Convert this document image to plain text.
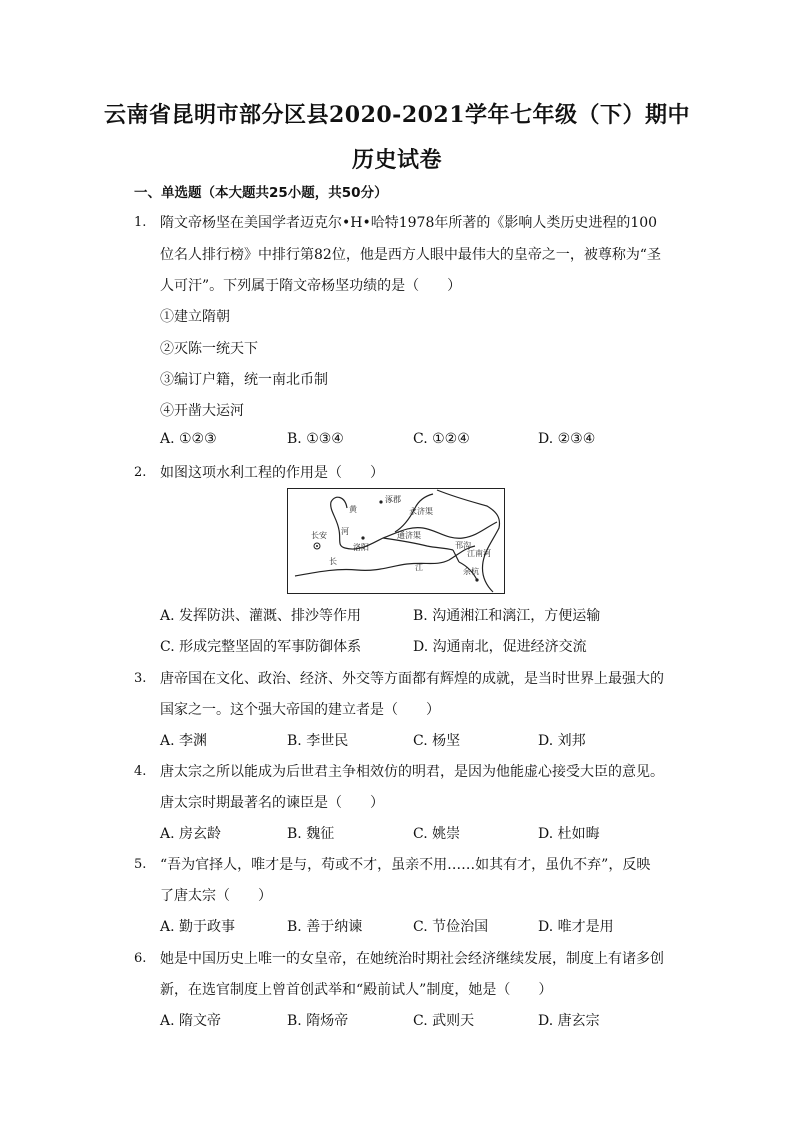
云南省昆明市部分区县2020-2021学年七年级（下）期中
历史试卷
一、单选题（本大题共25小题，共50分）
1. 隋文帝杨坚在美国学者迈克尔•H•哈特1978年所著的《影响人类历史进程的100
位名人排行榜》中排行第82位，他是西方人眼中最伟大的皇帝之一，被尊称为“圣
人可汗”。下列属于隋文帝杨坚功绩的是（　　）
①建立隋朝
②灭陈一统天下
③编订户籍，统一南北币制
④开凿大运河
A. ①②③	B. ①③④	C. ①②④	D. ②③④
2. 如图这项水利工程的作用是（　　）
涿郡
永济渠
黄
河
长安
洛阳
通济渠
邗沟
江南河
余杭
长
江
A. 发挥防洪、灌溉、排沙等作用	B. 沟通湘江和漓江，方便运输
C. 形成完整坚固的军事防御体系	D. 沟通南北，促进经济交流
3. 唐帝国在文化、政治、经济、外交等方面都有辉煌的成就，是当时世界上最强大的
国家之一。这个强大帝国的建立者是（　　）
A. 李渊	B. 李世民	C. 杨坚	D. 刘邦
4. 唐太宗之所以能成为后世君主争相效仿的明君，是因为他能虚心接受大臣的意见。
唐太宗时期最著名的谏臣是（　　）
A. 房玄龄	B. 魏征	C. 姚崇	D. 杜如晦
5. “吾为官择人，唯才是与，苟或不才，虽亲不用……如其有才，虽仇不弃”，反映
了唐太宗（　　）
A. 勤于政事	B. 善于纳谏	C. 节俭治国	D. 唯才是用
6. 她是中国历史上唯一的女皇帝，在她统治时期社会经济继续发展，制度上有诸多创
新，在选官制度上曾首创武举和“殿前试人”制度，她是（　　）
A. 隋文帝	B. 隋炀帝	C. 武则天	D. 唐玄宗
